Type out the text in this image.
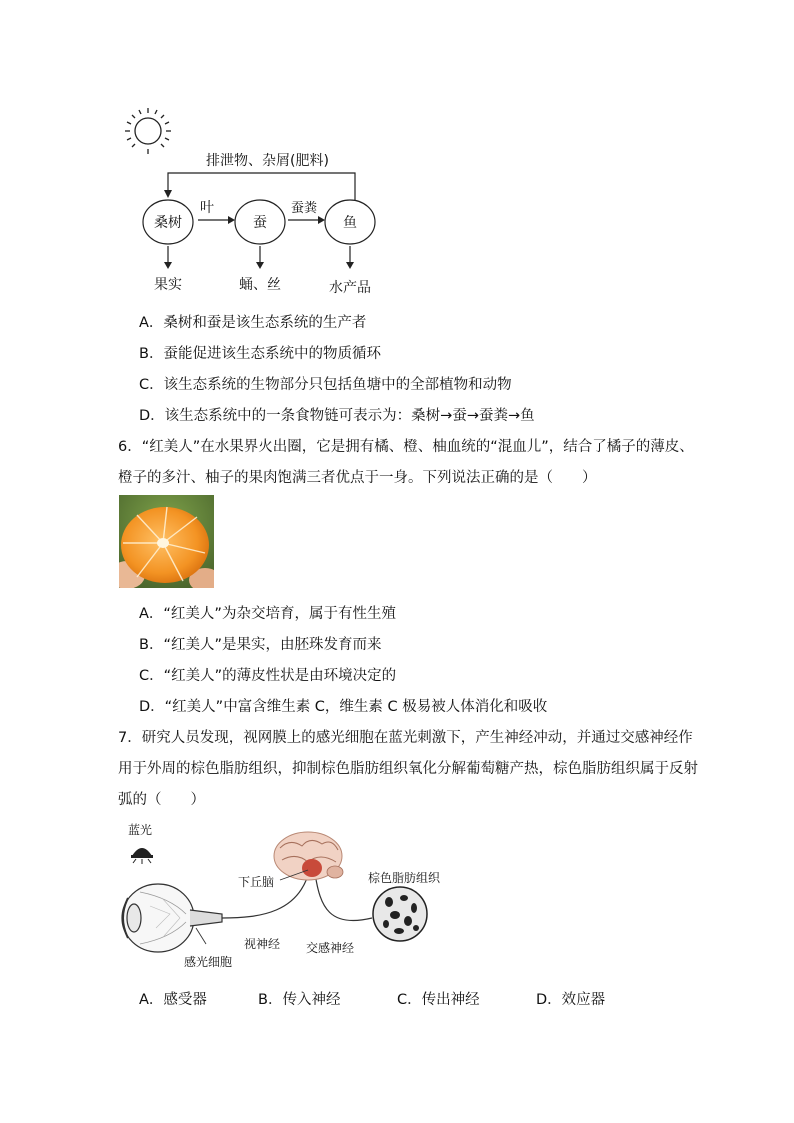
排泄物、杂屑(肥料)
桑树	蚕	鱼
叶	蚕粪
果实	蛹、丝	水产品
A．桑树和蚕是该生态系统的生产者
B．蚕能促进该生态系统中的物质循环
C．该生态系统的生物部分只包括鱼塘中的全部植物和动物
D．该生态系统中的一条食物链可表示为：桑树→蚕→蚕粪→鱼
6．“红美人”在水果界火出圈，它是拥有橘、橙、柚血统的“混血儿”，结合了橘子的薄皮、
橙子的多汁、柚子的果肉饱满三者优点于一身。下列说法正确的是（　　）
A．“红美人”为杂交培育，属于有性生殖
B．“红美人”是果实，由胚珠发育而来
C．“红美人”的薄皮性状是由环境决定的
D．“红美人”中富含维生素 C，维生素 C 极易被人体消化和吸收
7．研究人员发现，视网膜上的感光细胞在蓝光刺激下，产生神经冲动，并通过交感神经作
用于外周的棕色脂肪组织，抑制棕色脂肪组织氧化分解葡萄糖产热，棕色脂肪组织属于反射
弧的（　　）
蓝光
下丘脑	棕色脂肪组织
视神经 交感神经
感光细胞
A．感受器	B．传入神经	C．传出神经	D．效应器
